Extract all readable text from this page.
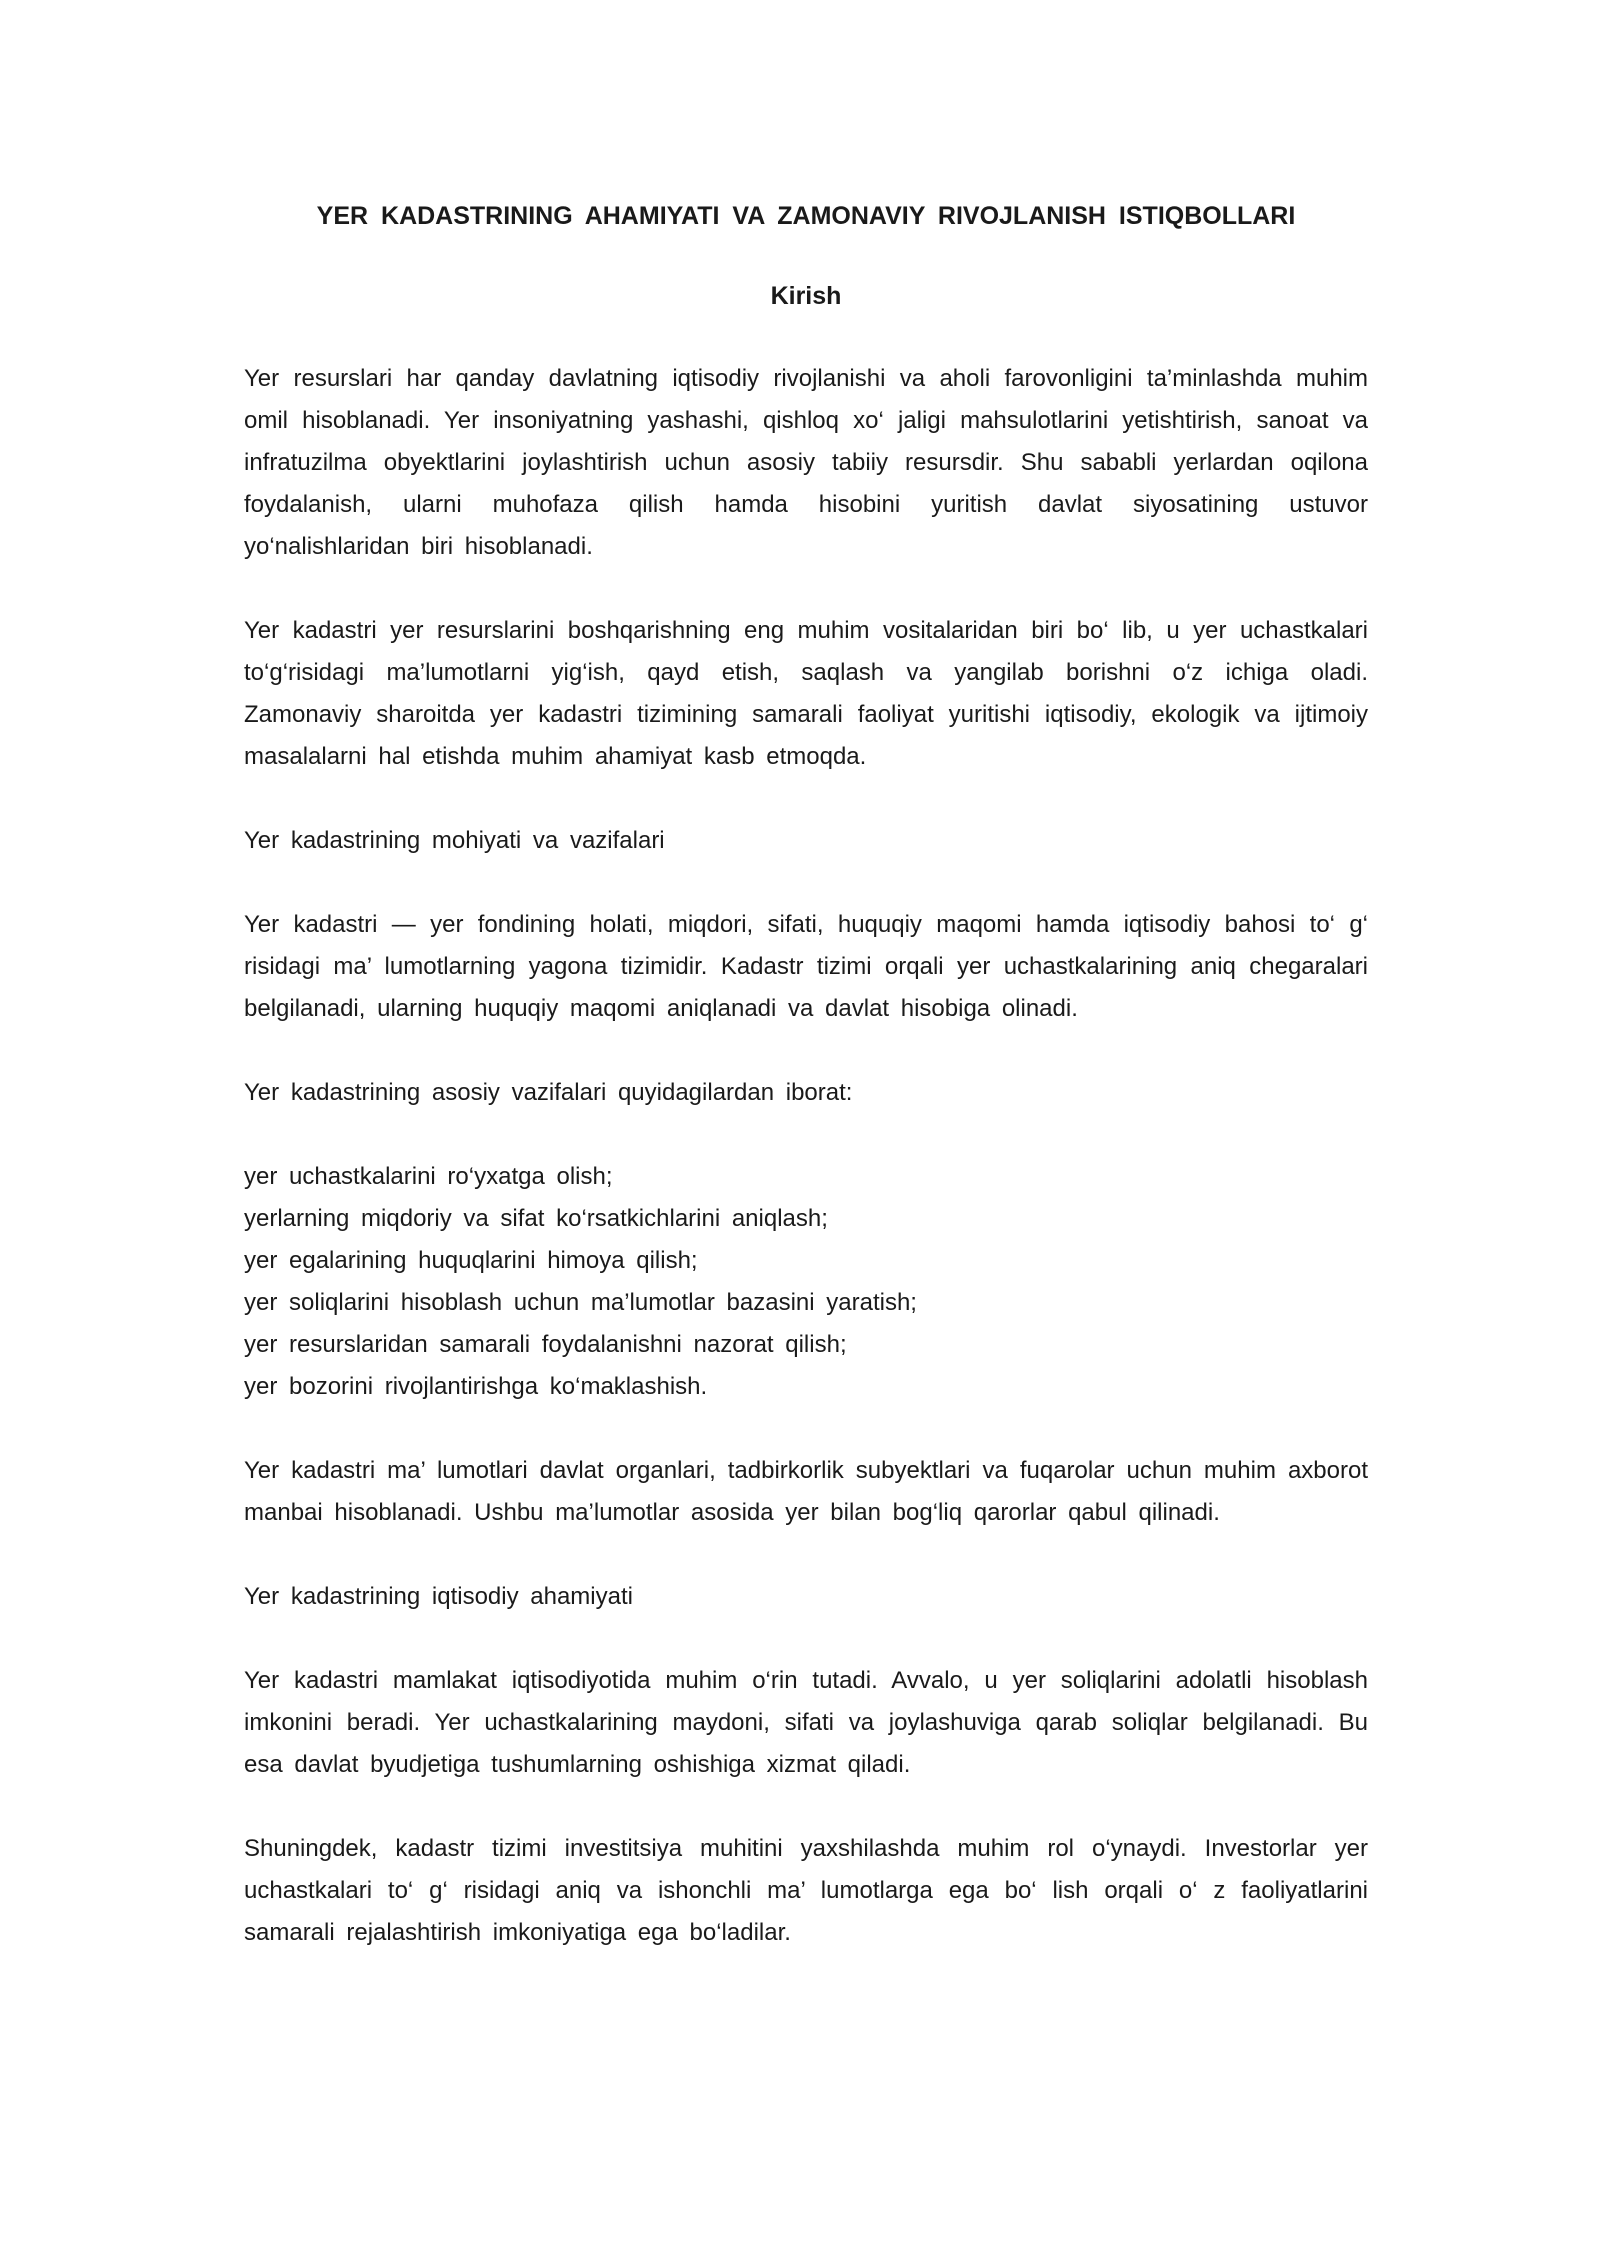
YER KADASTRINING AHAMIYATI VA ZAMONAVIY RIVOJLANISH ISTIQBOLLARI
Kirish

Yer resurslari har qanday davlatning iqtisodiy rivojlanishi va aholi farovonligini ta’minlashda muhim omil hisoblanadi. Yer insoniyatning yashashi, qishloq xo‘ jaligi mahsulotlarini yetishtirish, sanoat va infratuzilma obyektlarini joylashtirish uchun asosiy tabiiy resursdir. Shu sababli yerlardan oqilona foydalanish, ularni muhofaza qilish hamda hisobini yuritish davlat siyosatining ustuvor yo‘nalishlaridan biri hisoblanadi.

Yer kadastri yer resurslarini boshqarishning eng muhim vositalaridan biri bo‘ lib, u yer uchastkalari to‘g‘risidagi ma’lumotlarni yig‘ish, qayd etish, saqlash va yangilab borishni o‘z ichiga oladi. Zamonaviy sharoitda yer kadastri tizimining samarali faoliyat yuritishi iqtisodiy, ekologik va ijtimoiy masalalarni hal etishda muhim ahamiyat kasb etmoqda.

Yer kadastrining mohiyati va vazifalari

Yer kadastri — yer fondining holati, miqdori, sifati, huquqiy maqomi hamda iqtisodiy bahosi to‘ g‘ risidagi ma’ lumotlarning yagona tizimidir. Kadastr tizimi orqali yer uchastkalarining aniq chegaralari belgilanadi, ularning huquqiy maqomi aniqlanadi va davlat hisobiga olinadi.

Yer kadastrining asosiy vazifalari quyidagilardan iborat:

yer uchastkalarini ro‘yxatga olish;
yerlarning miqdoriy va sifat ko‘rsatkichlarini aniqlash;
yer egalarining huquqlarini himoya qilish;
yer soliqlarini hisoblash uchun ma’lumotlar bazasini yaratish;
yer resurslaridan samarali foydalanishni nazorat qilish;
yer bozorini rivojlantirishga ko‘maklashish.

Yer kadastri ma’ lumotlari davlat organlari, tadbirkorlik subyektlari va fuqarolar uchun muhim axborot manbai hisoblanadi. Ushbu ma’lumotlar asosida yer bilan bog‘liq qarorlar qabul qilinadi.

Yer kadastrining iqtisodiy ahamiyati

Yer kadastri mamlakat iqtisodiyotida muhim o‘rin tutadi. Avvalo, u yer soliqlarini adolatli hisoblash imkonini beradi. Yer uchastkalarining maydoni, sifati va joylashuviga qarab soliqlar belgilanadi. Bu esa davlat byudjetiga tushumlarning oshishiga xizmat qiladi.

Shuningdek, kadastr tizimi investitsiya muhitini yaxshilashda muhim rol o‘ynaydi. Investorlar yer uchastkalari to‘ g‘ risidagi aniq va ishonchli ma’ lumotlarga ega bo‘ lish orqali o‘ z faoliyatlarini samarali rejalashtirish imkoniyatiga ega bo‘ladilar.
